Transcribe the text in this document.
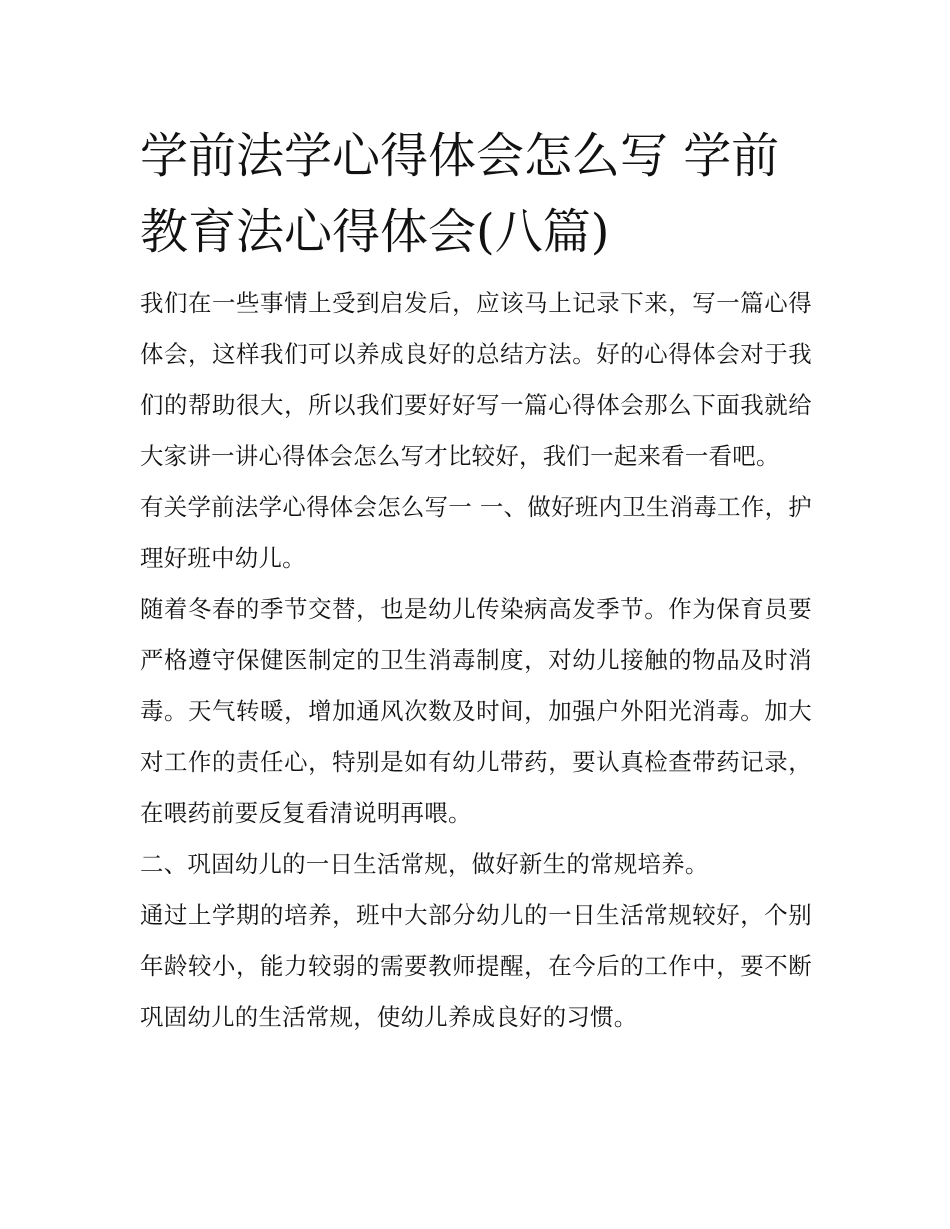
学前法学心得体会怎么写 学前
教育法心得体会(八篇)

我们在一些事情上受到启发后，应该马上记录下来，写一篇心得体会，这样我们可以养成良好的总结方法。好的心得体会对于我们的帮助很大，所以我们要好好写一篇心得体会那么下面我就给大家讲一讲心得体会怎么写才比较好，我们一起来看一看吧。

有关学前法学心得体会怎么写一 一、做好班内卫生消毒工作，护理好班中幼儿。

随着冬春的季节交替，也是幼儿传染病高发季节。作为保育员要严格遵守保健医制定的卫生消毒制度，对幼儿接触的物品及时消毒。天气转暖，增加通风次数及时间，加强户外阳光消毒。加大对工作的责任心，特别是如有幼儿带药，要认真检查带药记录，在喂药前要反复看清说明再喂。

二、巩固幼儿的一日生活常规，做好新生的常规培养。

通过上学期的培养，班中大部分幼儿的一日生活常规较好，个别年龄较小，能力较弱的需要教师提醒，在今后的工作中，要不断巩固幼儿的生活常规，使幼儿养成良好的习惯。
